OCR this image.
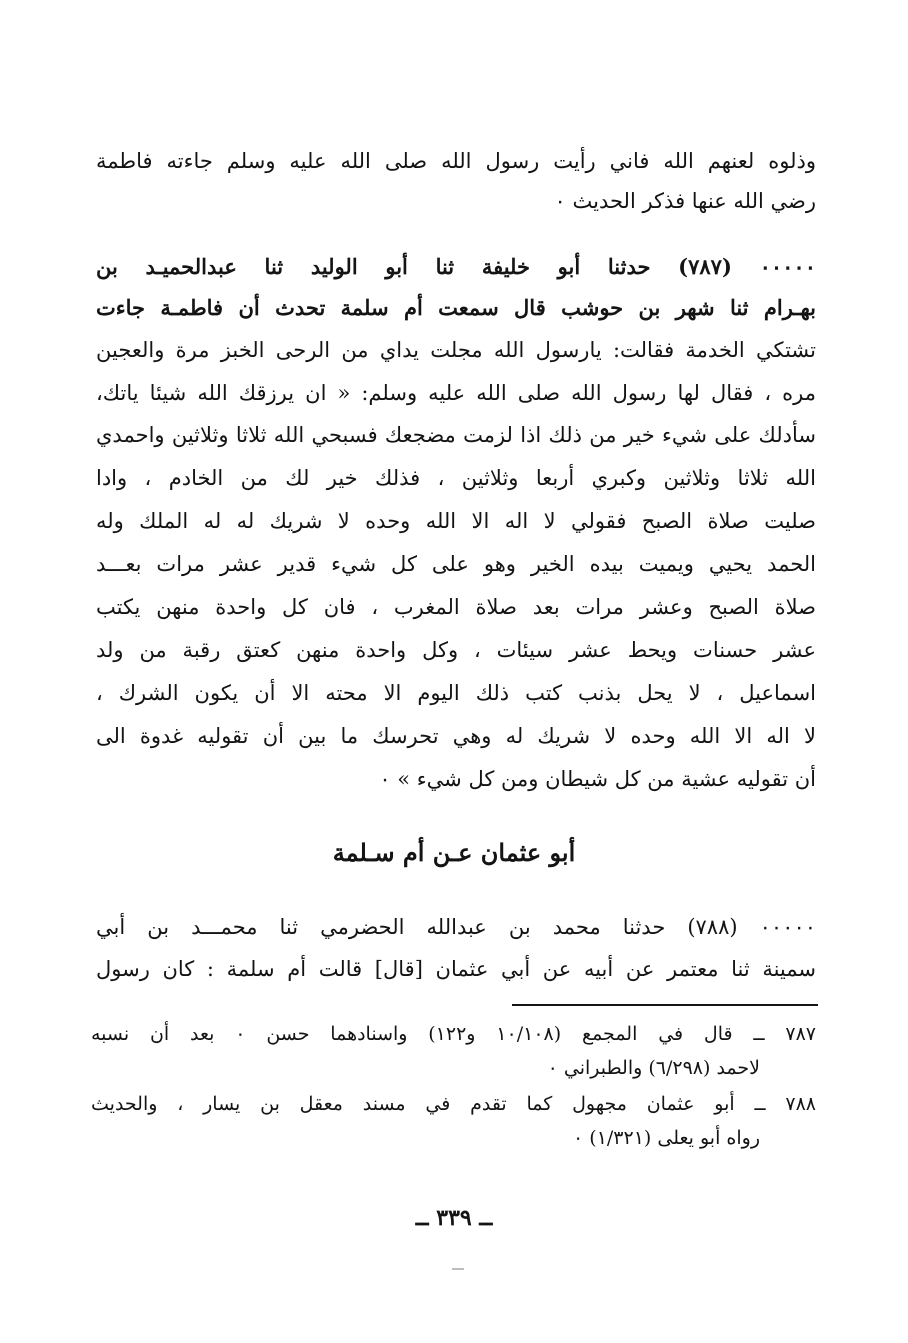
وذلوه لعنهم الله فاني رأيت رسول الله صلى الله عليه وسلم جاءته فاطمة
رضي الله عنها فذكر الحديث ٠
٠٠٠٠٠ (٧٨٧) حدثنا أبو خليفة ثنا أبو الوليد ثنا عبدالحميـد بن
بهـرام ثنا شهر بن حوشب قال سمعت أم سلمة تحدث أن فاطمـة جاءت
تشتكي الخدمة فقالت: يارسول الله مجلت يداي من الرحى الخبز مرة والعجين
مره ، فقال لها رسول الله صلى الله عليه وسلم: « ان يرزقك الله شيئا ياتك،
سأدلك على شيء خير من ذلك اذا لزمت مضجعك فسبحي الله ثلاثا وثلاثين واحمدي
الله ثلاثا وثلاثين وكبري أربعا وثلاثين ، فذلك خير لك من الخادم ، وادا
صليت صلاة الصبح فقولي لا اله الا الله وحده لا شريك له له الملك وله
الحمد يحيي ويميت بيده الخير وهو على كل شيء قدير عشر مرات بعـــد
صلاة الصبح وعشر مرات بعد صلاة المغرب ، فان كل واحدة منهن يكتب
عشر حسنات ويحط عشر سيئات ، وكل واحدة منهن كعتق رقبة من ولد
اسماعيل ، لا يحل بذنب كتب ذلك اليوم الا محته الا أن يكون الشرك ،
لا اله الا الله وحده لا شريك له وهي تحرسك ما بين أن تقوليه غدوة الى
أن تقوليه عشية من كل شيطان ومن كل شيء » ٠
أبو عثمان عـن أم سـلمة
٠٠٠٠٠ (٧٨٨) حدثنا محمد بن عبدالله الحضرمي ثنا محمـــد بن أبي
سمينة ثنا معتمر عن أبيه عن أبي عثمان [قال] قالت أم سلمة : كان رسول
٧٨٧ ــ قال في المجمع (١٠/١٠٨ و١٢٢) واسنادهما حسن ٠ بعد أن نسبه
لاحمد (٦/٢٩٨) والطبراني ٠
٧٨٨ ــ أبو عثمان مجهول كما تقدم في مسند معقل بن يسار ، والحديث
رواه أبو يعلى (١/٣٢١) ٠
ــ ٣٣٩ ــ
